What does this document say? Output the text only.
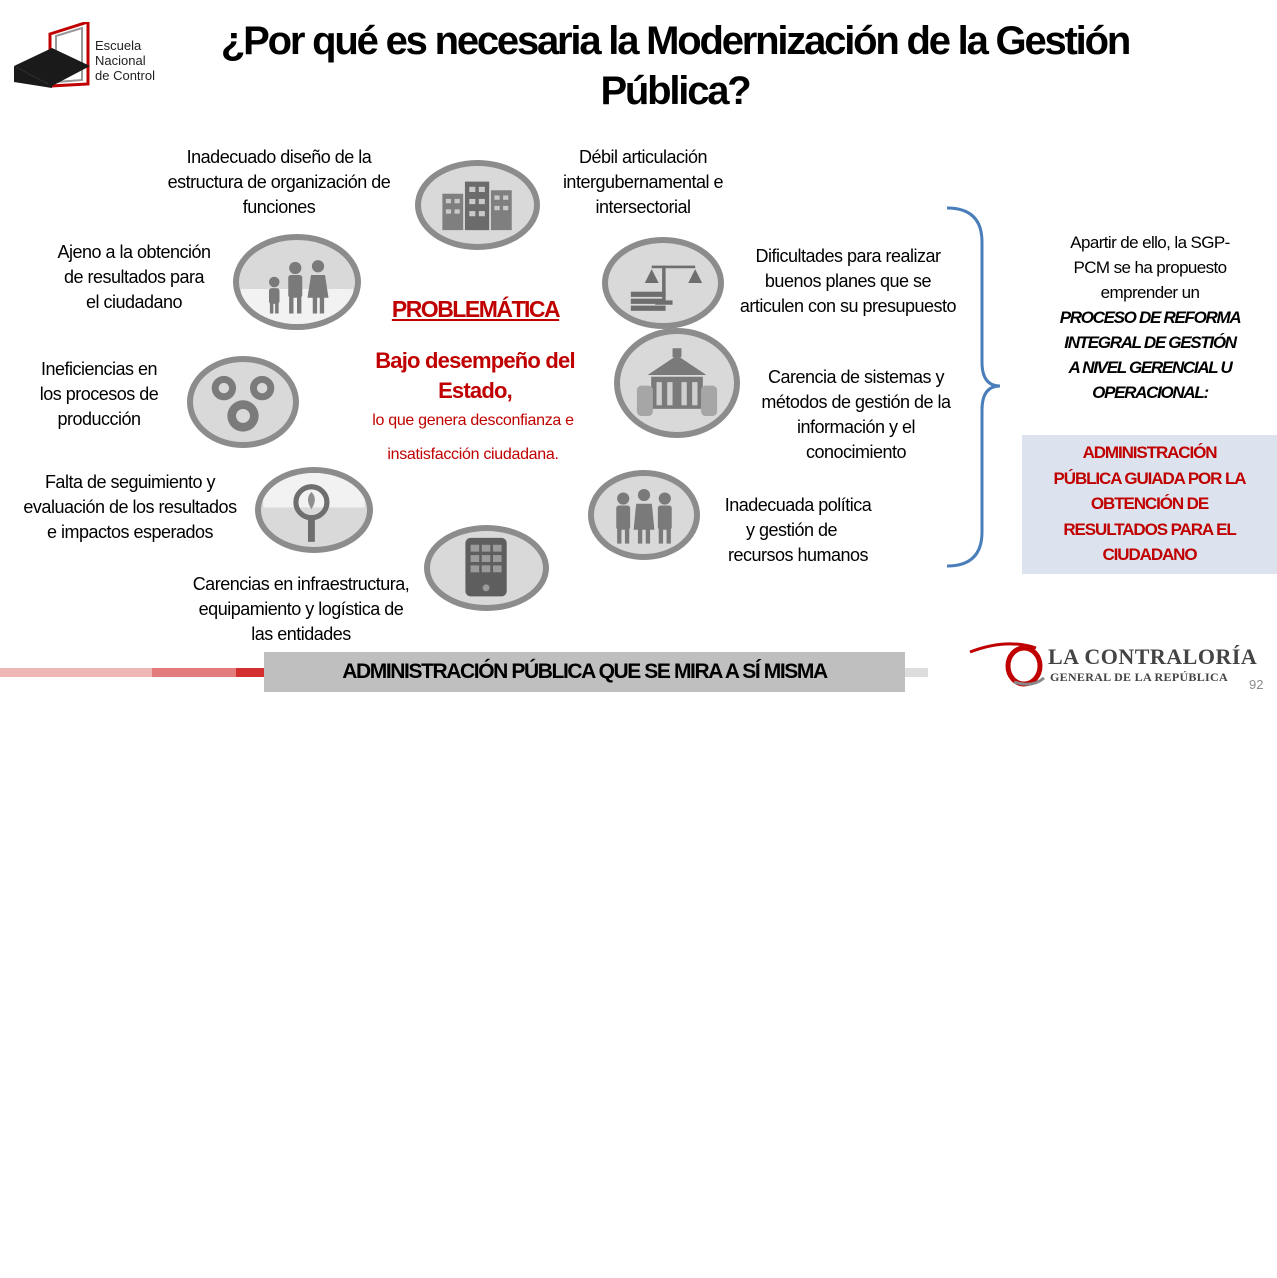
Escuela
Nacional
de Control
¿Por qué es necesaria la Modernización de la Gestión
Pública?
Inadecuado diseño de la
estructura de organización de
funciones
Débil articulación
intergubernamental e
intersectorial
Ajeno a la obtención
de resultados para
el ciudadano
Dificultades para realizar
buenos planes que se
articulen con su presupuesto
Ineficiencias en
los procesos de
producción
Carencia de sistemas y
métodos de gestión de la
información y el
conocimiento
Falta de seguimiento y
evaluación de los resultados
e impactos esperados
Inadecuada política
y gestión de
recursos humanos
Carencias en infraestructura,
equipamiento y logística de
las entidades
PROBLEMÁTICA
Bajo desempeño del Estado,
lo que genera desconfianza e insatisfacción ciudadana.
Apartir de ello, la SGP-
PCM se ha propuesto
emprender un
PROCESO DE REFORMA
INTEGRAL DE GESTIÓN
A NIVEL GERENCIAL U
OPERACIONAL:
ADMINISTRACIÓN
PÚBLICA GUIADA POR LA
OBTENCIÓN DE
RESULTADOS PARA EL
CIUDADANO
ADMINISTRACIÓN PÚBLICA QUE SE MIRA A SÍ MISMA
LA CONTRALORÍA
GENERAL DE LA REPÚBLICA 92
